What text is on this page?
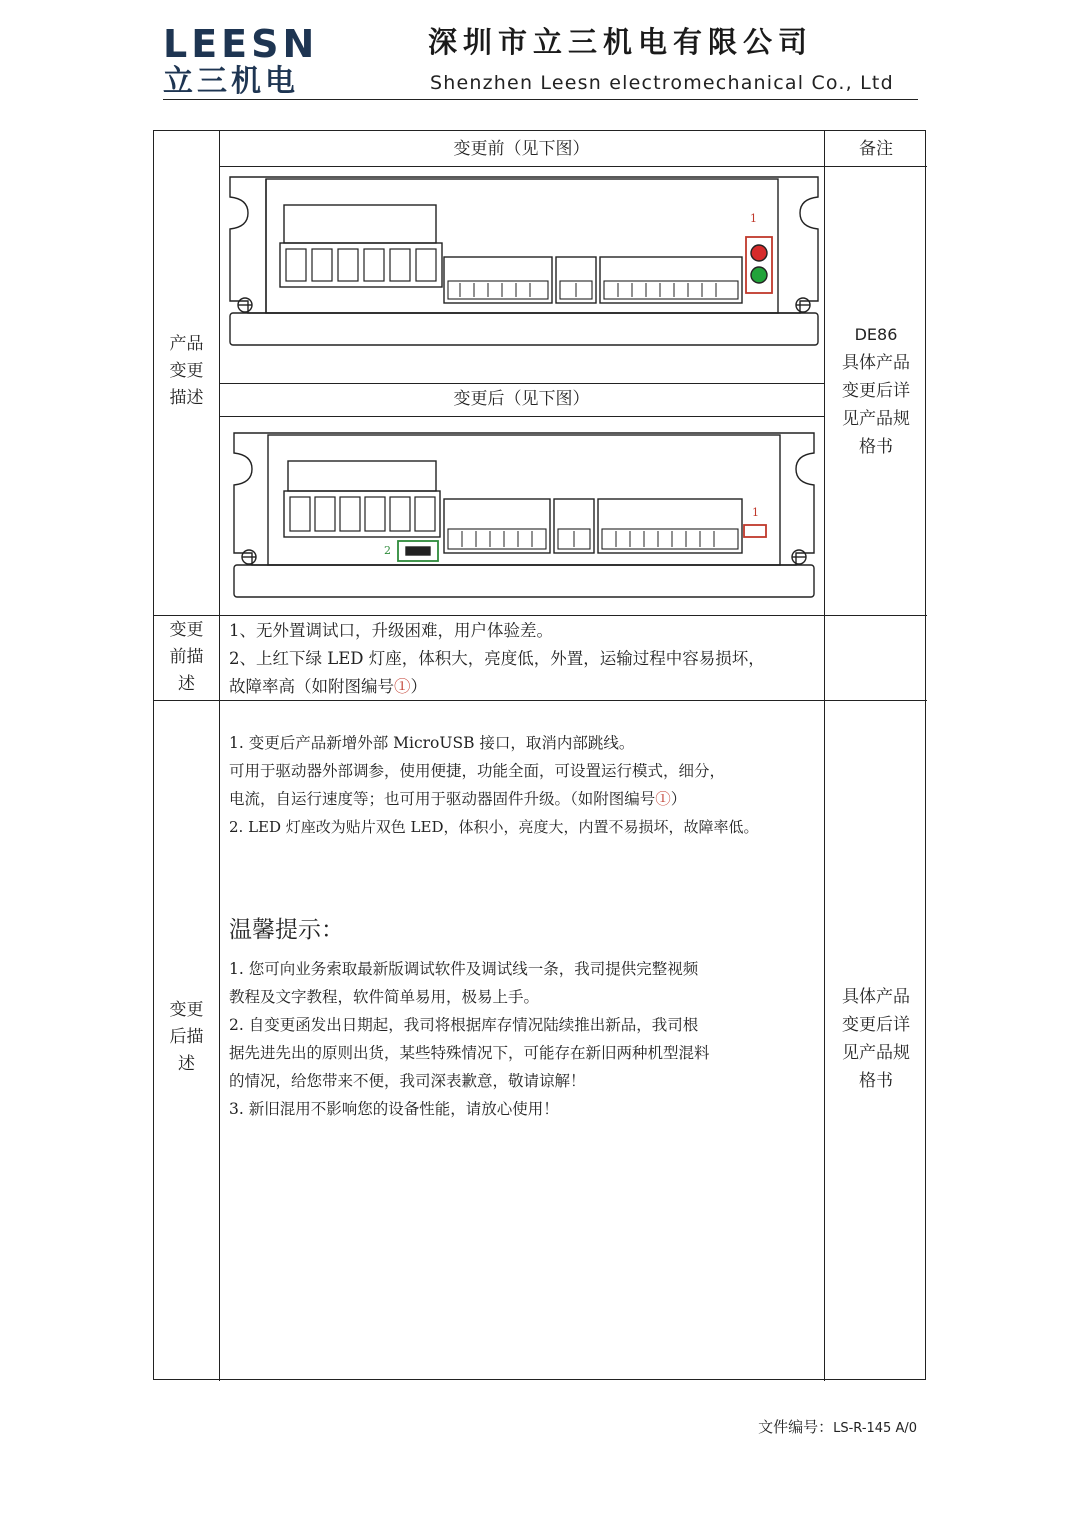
LEESN
立三机电
深圳市立三机电有限公司
Shenzhen Leesn electromechanical Co., Ltd
变更前（见下图）	备注
产品
变更
描述
DE86
具体产品
变更后详
见产品规
格书
1
变更后（见下图）
1
2
变更
前描
述

1、无外置调试口，升级困难，用户体验差。

2、上红下绿 LED 灯座，体积大，亮度低，外置，运输过程中容易损坏，

故障率高（如附图编号①）

变更
后描
述
具体产品
变更后详
见产品规
格书

1. 变更后产品新增外部 MicroUSB 接口，取消内部跳线。

可用于驱动器外部调参，使用便捷，功能全面，可设置运行模式，细分，

电流，自运行速度等；也可用于驱动器固件升级。（如附图编号①）

2. LED 灯座改为贴片双色 LED，体积小，亮度大，内置不易损坏，故障率低。

温馨提示：

1. 您可向业务索取最新版调试软件及调试线一条，我司提供完整视频

教程及文字教程，软件简单易用，极易上手。

2. 自变更函发出日期起，我司将根据库存情况陆续推出新品，我司根

据先进先出的原则出货，某些特殊情况下，可能存在新旧两种机型混料

的情况，给您带来不便，我司深表歉意，敬请谅解！

3. 新旧混用不影响您的设备性能，请放心使用！

文件编号：LS-R-145 A/0
